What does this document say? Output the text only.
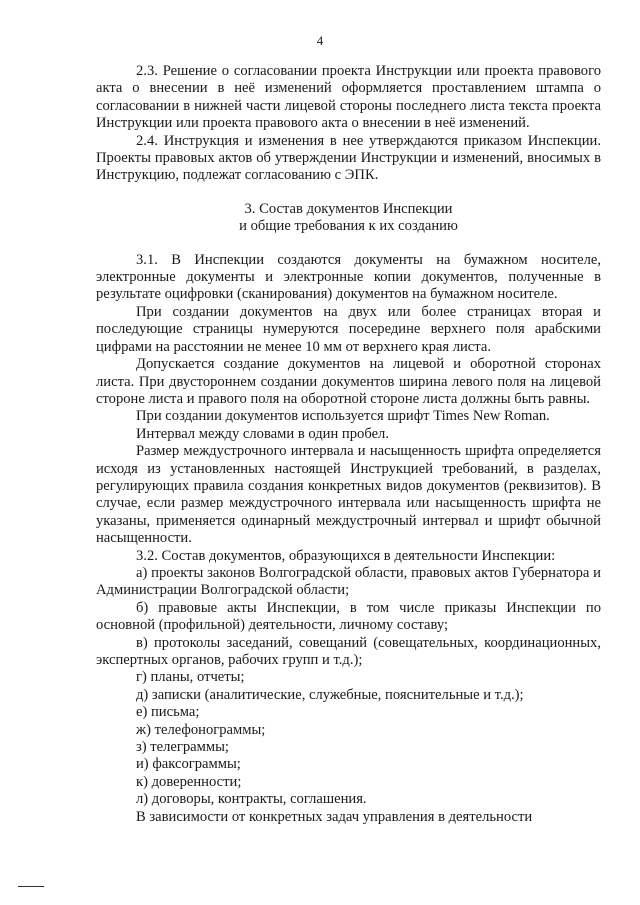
4

2.3. Решение о согласовании проекта Инструкции или проекта правового акта о внесении в неё изменений оформляется проставлением штампа о согласовании в нижней части лицевой стороны последнего листа текста проекта Инструкции или проекта правового акта о внесении в неё изменений.

2.4. Инструкция и изменения в нее утверждаются приказом Инспекции. Проекты правовых актов об утверждении Инструкции и изменений, вносимых в Инструкцию, подлежат согласованию с ЭПК.

3. Состав документов Инспекции
и общие требования к их созданию

3.1. В Инспекции создаются документы на бумажном носителе, электронные документы и электронные копии документов, полученные в результате оцифровки (сканирования) документов на бумажном носителе.

При создании документов на двух или более страницах вторая и последующие страницы нумеруются посередине верхнего поля арабскими цифрами на расстоянии не менее 10 мм от верхнего края листа.

Допускается создание документов на лицевой и оборотной сторонах листа. При двустороннем создании документов ширина левого поля на лицевой стороне листа и правого поля на оборотной стороне листа должны быть равны.

При создании документов используется шрифт Times New Roman.

Интервал между словами в один пробел.

Размер междустрочного интервала и насыщенность шрифта определяется исходя из установленных настоящей Инструкцией требований, в разделах, регулирующих правила создания конкретных видов документов (реквизитов). В случае, если размер междустрочного интервала или насыщенность шрифта не указаны, применяется одинарный междустрочный интервал и шрифт обычной насыщенности.

3.2. Состав документов, образующихся в деятельности Инспекции:

а) проекты законов Волгоградской области, правовых актов Губернатора и Администрации Волгоградской области;

б) правовые акты Инспекции, в том числе приказы Инспекции по основной (профильной) деятельности, личному составу;

в) протоколы заседаний, совещаний (совещательных, координационных, экспертных органов, рабочих групп и т.д.);

г) планы, отчеты;

д) записки (аналитические, служебные, пояснительные и т.д.);

е) письма;

ж) телефонограммы;

з) телеграммы;

и) факсограммы;

к) доверенности;

л) договоры, контракты, соглашения.

В зависимости от конкретных задач управления в деятельности
